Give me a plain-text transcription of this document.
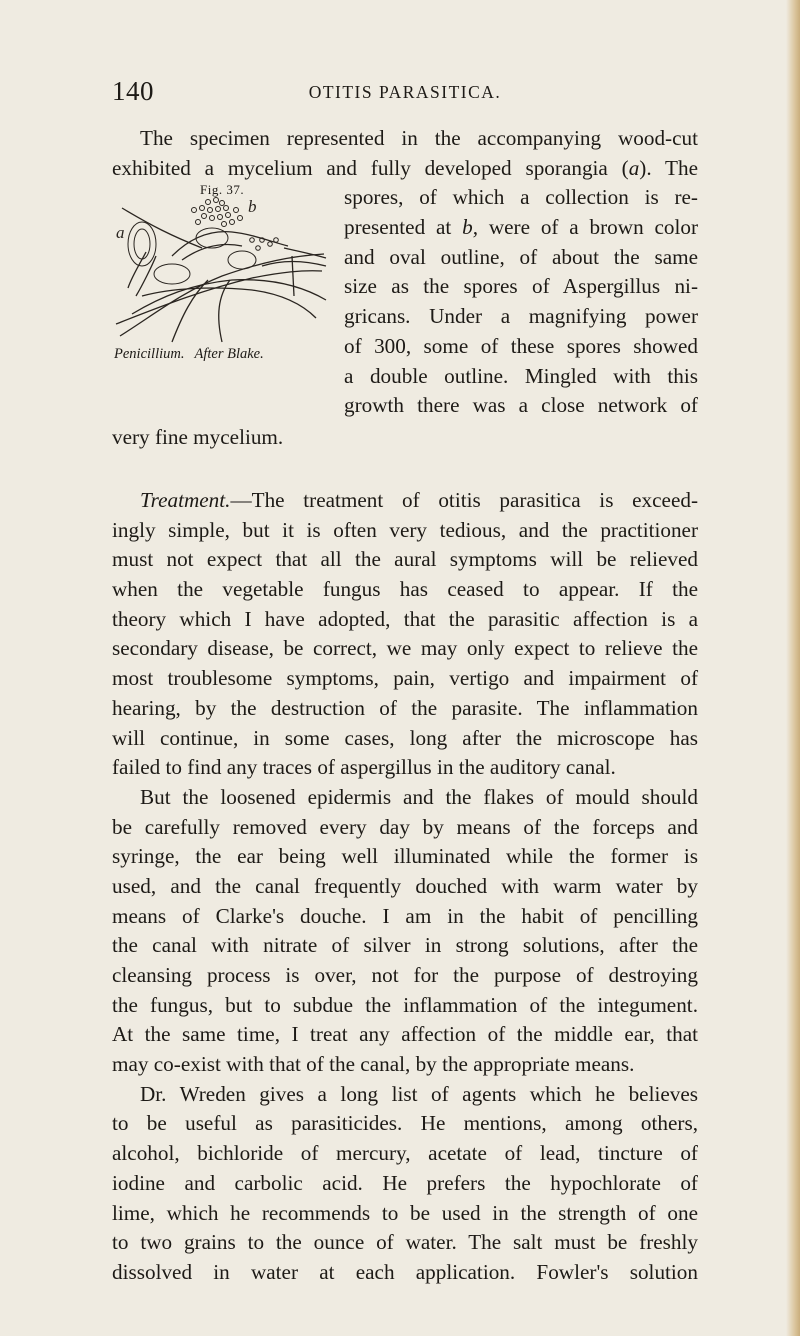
140	OTITIS PARASITICA.
The specimen represented in the accompanying wood-cut
exhibited a mycelium and fully developed sporangia (a). The
Fig. 37.
a
b
Penicillium. After Blake.
spores, of which a collection is re-
presented at b, were of a brown color
and oval outline, of about the same
size as the spores of Aspergillus ni-
gricans. Under a magnifying power
of 300, some of these spores showed
a double outline. Mingled with this
growth there was a close network of
very fine mycelium.
Treatment.—The treatment of otitis parasitica is exceed-
ingly simple, but it is often very tedious, and the practitioner
must not expect that all the aural symptoms will be relieved
when the vegetable fungus has ceased to appear. If the
theory which I have adopted, that the parasitic affection is a
secondary disease, be correct, we may only expect to relieve the
most troublesome symptoms, pain, vertigo and impairment of
hearing, by the destruction of the parasite. The inflammation
will continue, in some cases, long after the microscope has
failed to find any traces of aspergillus in the auditory canal.
But the loosened epidermis and the flakes of mould should
be carefully removed every day by means of the forceps and
syringe, the ear being well illuminated while the former is
used, and the canal frequently douched with warm water by
means of Clarke's douche. I am in the habit of pencilling
the canal with nitrate of silver in strong solutions, after the
cleansing process is over, not for the purpose of destroying
the fungus, but to subdue the inflammation of the integument.
At the same time, I treat any affection of the middle ear, that
may co-exist with that of the canal, by the appropriate means.
Dr. Wreden gives a long list of agents which he believes
to be useful as parasiticides. He mentions, among others,
alcohol, bichloride of mercury, acetate of lead, tincture of
iodine and carbolic acid. He prefers the hypochlorate of
lime, which he recommends to be used in the strength of one
to two grains to the ounce of water. The salt must be freshly
dissolved in water at each application. Fowler's solution
